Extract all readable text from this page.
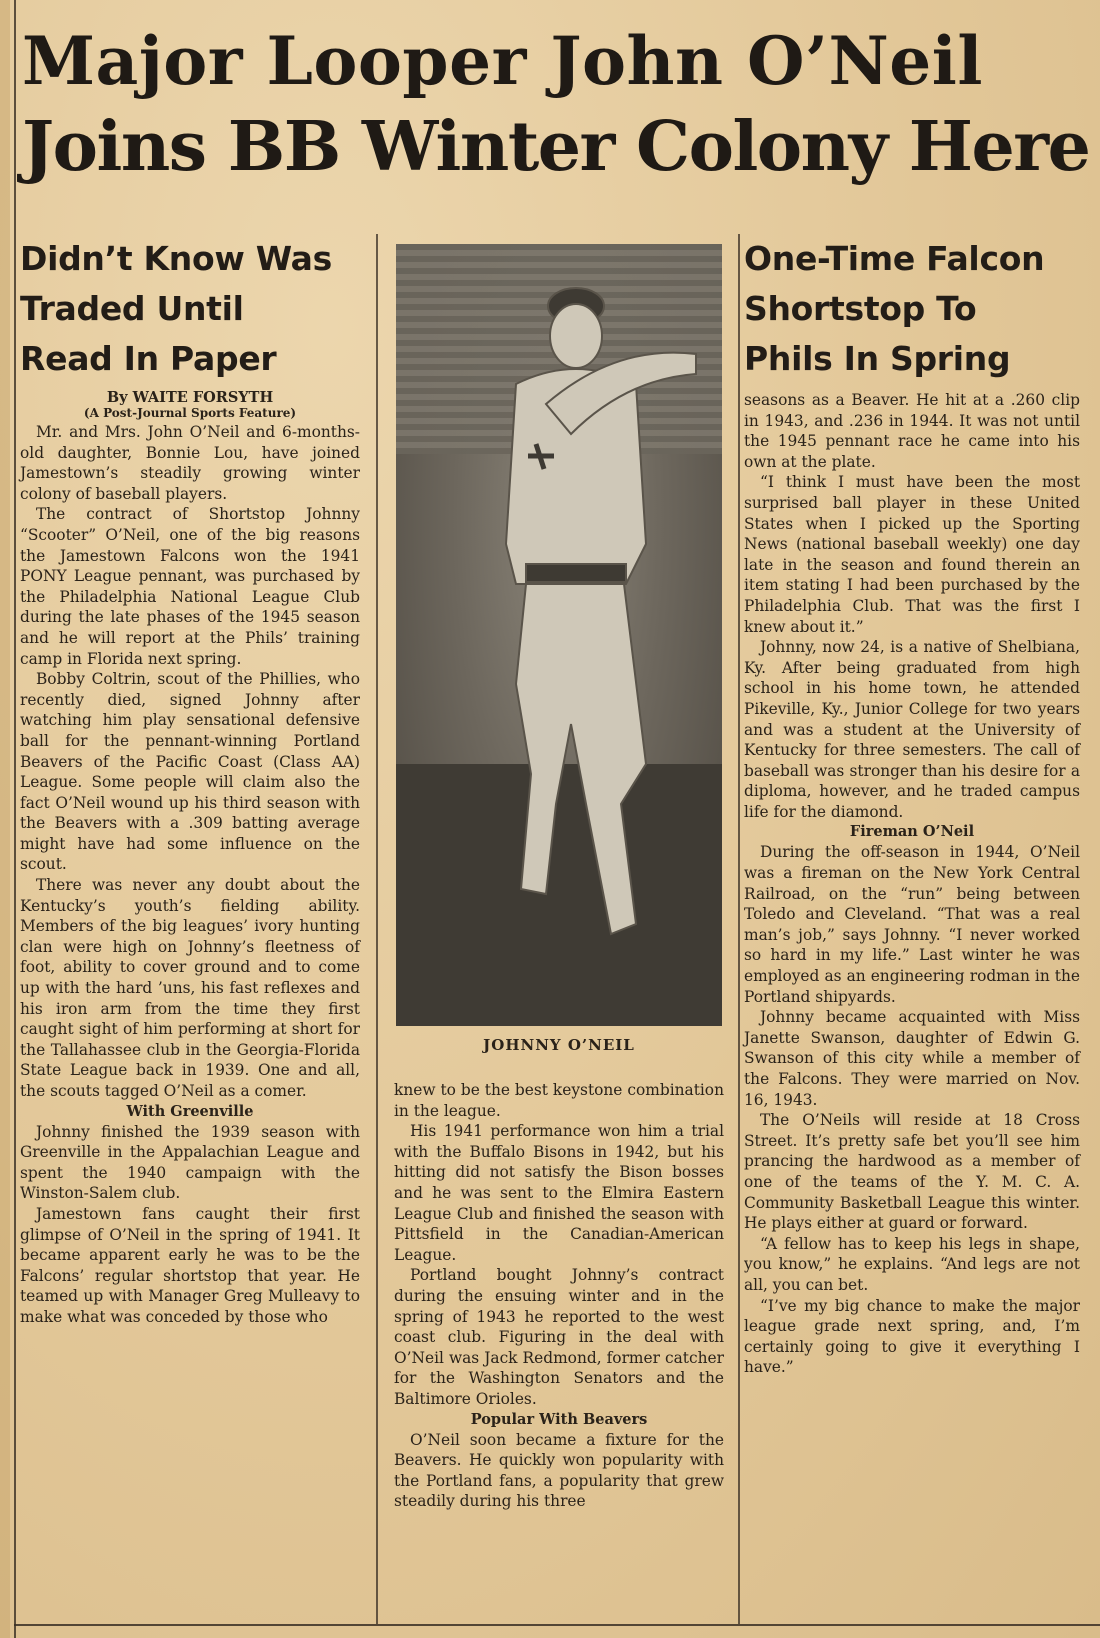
Major Looper John O’Neil
Joins BB Winter Colony Here
Didn’t Know Was
Traded Until
Read In Paper
By WAITE FORSYTH
(A Post-Journal Sports Feature)

Mr. and Mrs. John O’Neil and 6-months-old daughter, Bonnie Lou, have joined Jamestown’s steadily growing winter colony of baseball players.

The contract of Shortstop Johnny “Scooter” O’Neil, one of the big reasons the Jamestown Falcons won the 1941 PONY League pennant, was purchased by the Philadelphia National League Club during the late phases of the 1945 season and he will report at the Phils’ training camp in Florida next spring.

Bobby Coltrin, scout of the Phillies, who recently died, signed Johnny after watching him play sensational defensive ball for the pennant-winning Portland Beavers of the Pacific Coast (Class AA) League. Some people will claim also the fact O’Neil wound up his third season with the Beavers with a .309 batting average might have had some influence on the scout.

There was never any doubt about the Kentucky’s youth’s fielding ability. Members of the big leagues’ ivory hunting clan were high on Johnny’s fleetness of foot, ability to cover ground and to come up with the hard ’uns, his fast reflexes and his iron arm from the time they first caught sight of him performing at short for the Tallahassee club in the Georgia-Florida State League back in 1939. One and all, the scouts tagged O’Neil as a comer.

With Greenville

Johnny finished the 1939 season with Greenville in the Appalachian League and spent the 1940 campaign with the Winston-Salem club.

Jamestown fans caught their first glimpse of O’Neil in the spring of 1941. It became apparent early he was to be the Falcons’ regular shortstop that year. He teamed up with Manager Greg Mulleavy to make what was conceded by those who

JOHNNY O’NEIL

knew to be the best keystone combination in the league.

His 1941 performance won him a trial with the Buffalo Bisons in 1942, but his hitting did not satisfy the Bison bosses and he was sent to the Elmira Eastern League Club and finished the season with Pittsfield in the Canadian-American League.

Portland bought Johnny’s contract during the ensuing winter and in the spring of 1943 he reported to the west coast club. Figuring in the deal with O’Neil was Jack Redmond, former catcher for the Washington Senators and the Baltimore Orioles.

Popular With Beavers

O’Neil soon became a fixture for the Beavers. He quickly won popularity with the Portland fans, a popularity that grew steadily during his three

One-Time Falcon
Shortstop To
Phils In Spring

seasons as a Beaver. He hit at a .260 clip in 1943, and .236 in 1944. It was not until the 1945 pennant race he came into his own at the plate.

“I think I must have been the most surprised ball player in these United States when I picked up the Sporting News (national baseball weekly) one day late in the season and found therein an item stating I had been purchased by the Philadelphia Club. That was the first I knew about it.”

Johnny, now 24, is a native of Shelbiana, Ky. After being graduated from high school in his home town, he attended Pikeville, Ky., Junior College for two years and was a student at the University of Kentucky for three semesters. The call of baseball was stronger than his desire for a diploma, however, and he traded campus life for the diamond.

Fireman O’Neil

During the off-season in 1944, O’Neil was a fireman on the New York Central Railroad, on the “run” being between Toledo and Cleveland. “That was a real man’s job,” says Johnny. “I never worked so hard in my life.” Last winter he was employed as an engineering rodman in the Portland shipyards.

Johnny became acquainted with Miss Janette Swanson, daughter of Edwin G. Swanson of this city while a member of the Falcons. They were married on Nov. 16, 1943.

The O’Neils will reside at 18 Cross Street. It’s pretty safe bet you’ll see him prancing the hardwood as a member of one of the teams of the Y. M. C. A. Community Basketball League this winter. He plays either at guard or forward.

“A fellow has to keep his legs in shape, you know,” he explains. “And legs are not all, you can bet.

“I’ve my big chance to make the major league grade next spring, and, I’m certainly going to give it everything I have.”
